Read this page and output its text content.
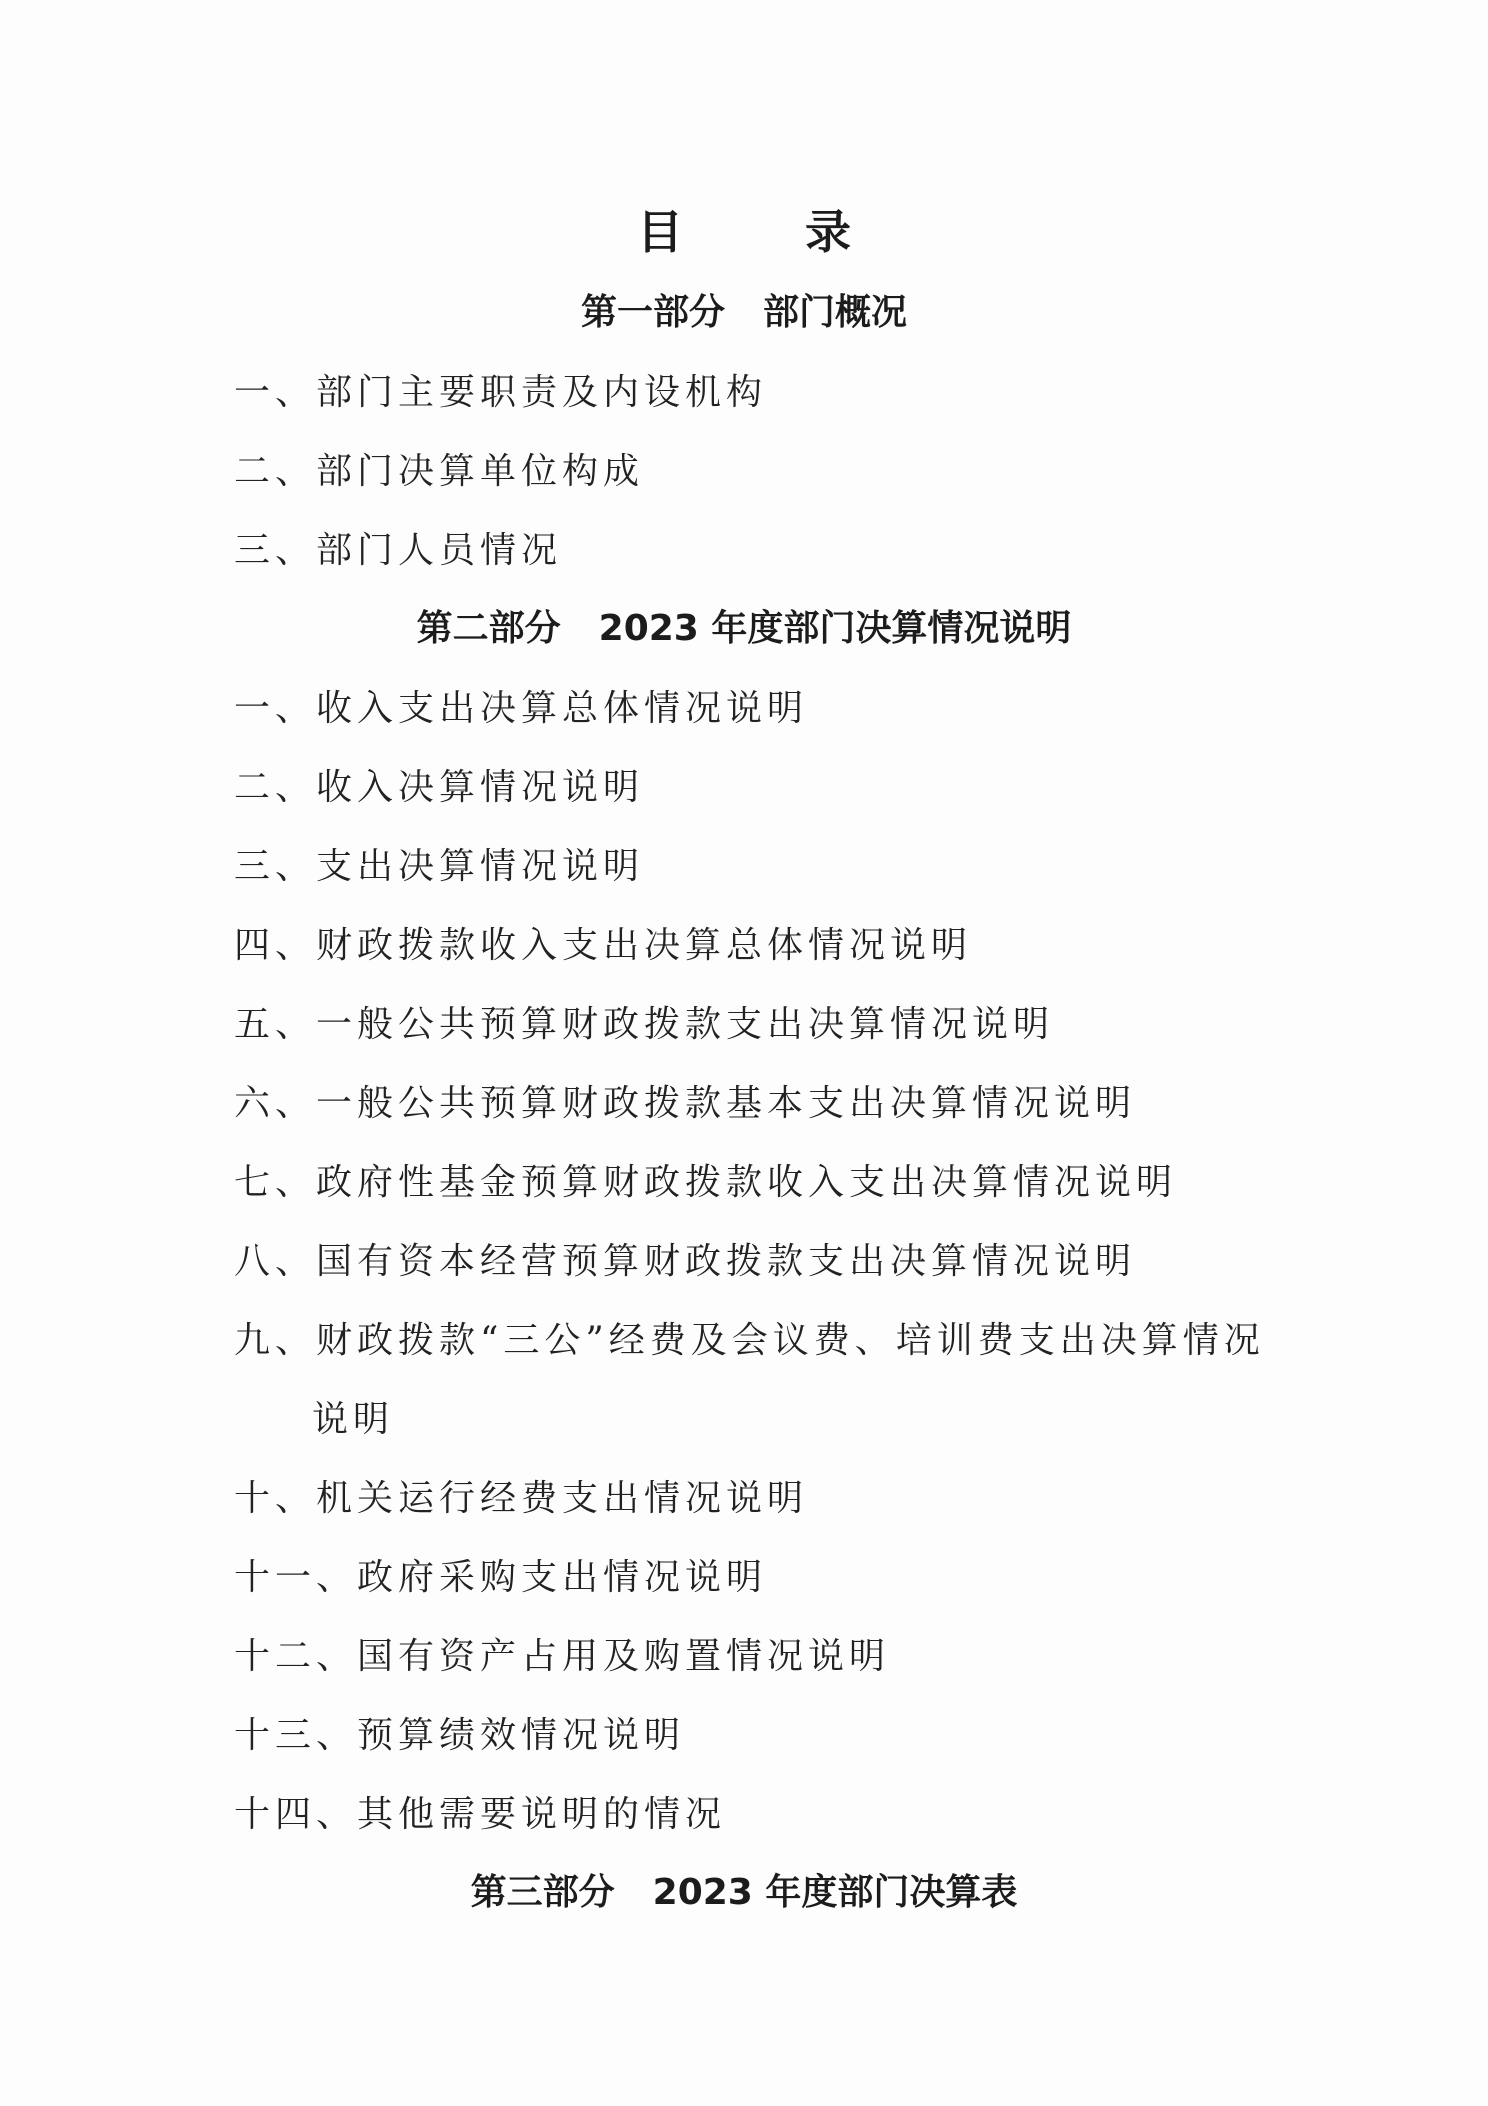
目　录
第一部分 部门概况
一、部门主要职责及内设机构
二、部门决算单位构成
三、部门人员情况
第二部分 2023 年度部门决算情况说明
一、收入支出决算总体情况说明
二、收入决算情况说明
三、支出决算情况说明
四、财政拨款收入支出决算总体情况说明
五、一般公共预算财政拨款支出决算情况说明
六、一般公共预算财政拨款基本支出决算情况说明
七、政府性基金预算财政拨款收入支出决算情况说明
八、国有资本经营预算财政拨款支出决算情况说明
九、财政拨款“三公”经费及会议费、培训费支出决算情况
说明
十、机关运行经费支出情况说明
十一、政府采购支出情况说明
十二、国有资产占用及购置情况说明
十三、预算绩效情况说明
十四、其他需要说明的情况
第三部分 2023 年度部门决算表
